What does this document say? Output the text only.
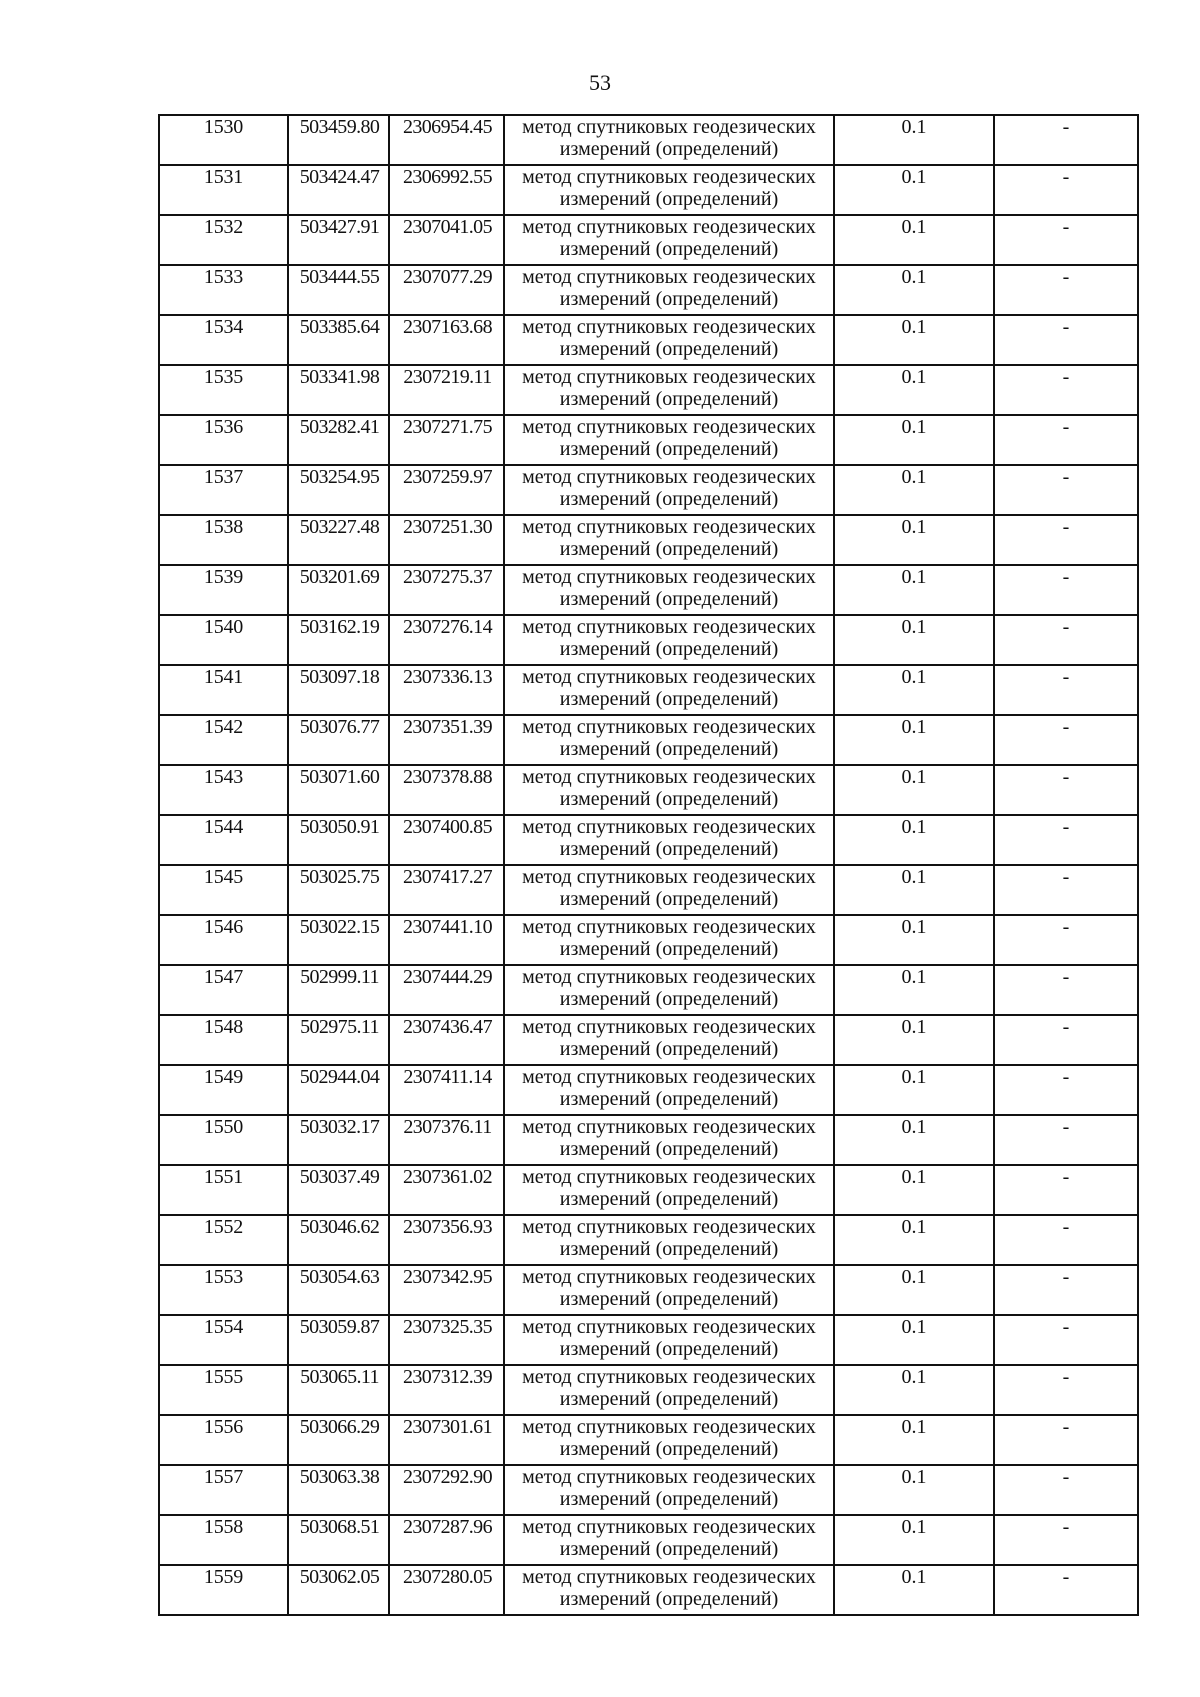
53
1530	503459.80	2306954.45	метод спутниковых геодезических
измерений (определений)	0.1	-
1531	503424.47	2306992.55	метод спутниковых геодезических
измерений (определений)	0.1	-
1532	503427.91	2307041.05	метод спутниковых геодезических
измерений (определений)	0.1	-
1533	503444.55	2307077.29	метод спутниковых геодезических
измерений (определений)	0.1	-
1534	503385.64	2307163.68	метод спутниковых геодезических
измерений (определений)	0.1	-
1535	503341.98	2307219.11	метод спутниковых геодезических
измерений (определений)	0.1	-
1536	503282.41	2307271.75	метод спутниковых геодезических
измерений (определений)	0.1	-
1537	503254.95	2307259.97	метод спутниковых геодезических
измерений (определений)	0.1	-
1538	503227.48	2307251.30	метод спутниковых геодезических
измерений (определений)	0.1	-
1539	503201.69	2307275.37	метод спутниковых геодезических
измерений (определений)	0.1	-
1540	503162.19	2307276.14	метод спутниковых геодезических
измерений (определений)	0.1	-
1541	503097.18	2307336.13	метод спутниковых геодезических
измерений (определений)	0.1	-
1542	503076.77	2307351.39	метод спутниковых геодезических
измерений (определений)	0.1	-
1543	503071.60	2307378.88	метод спутниковых геодезических
измерений (определений)	0.1	-
1544	503050.91	2307400.85	метод спутниковых геодезических
измерений (определений)	0.1	-
1545	503025.75	2307417.27	метод спутниковых геодезических
измерений (определений)	0.1	-
1546	503022.15	2307441.10	метод спутниковых геодезических
измерений (определений)	0.1	-
1547	502999.11	2307444.29	метод спутниковых геодезических
измерений (определений)	0.1	-
1548	502975.11	2307436.47	метод спутниковых геодезических
измерений (определений)	0.1	-
1549	502944.04	2307411.14	метод спутниковых геодезических
измерений (определений)	0.1	-
1550	503032.17	2307376.11	метод спутниковых геодезических
измерений (определений)	0.1	-
1551	503037.49	2307361.02	метод спутниковых геодезических
измерений (определений)	0.1	-
1552	503046.62	2307356.93	метод спутниковых геодезических
измерений (определений)	0.1	-
1553	503054.63	2307342.95	метод спутниковых геодезических
измерений (определений)	0.1	-
1554	503059.87	2307325.35	метод спутниковых геодезических
измерений (определений)	0.1	-
1555	503065.11	2307312.39	метод спутниковых геодезических
измерений (определений)	0.1	-
1556	503066.29	2307301.61	метод спутниковых геодезических
измерений (определений)	0.1	-
1557	503063.38	2307292.90	метод спутниковых геодезических
измерений (определений)	0.1	-
1558	503068.51	2307287.96	метод спутниковых геодезических
измерений (определений)	0.1	-
1559	503062.05	2307280.05	метод спутниковых геодезических
измерений (определений)	0.1	-
